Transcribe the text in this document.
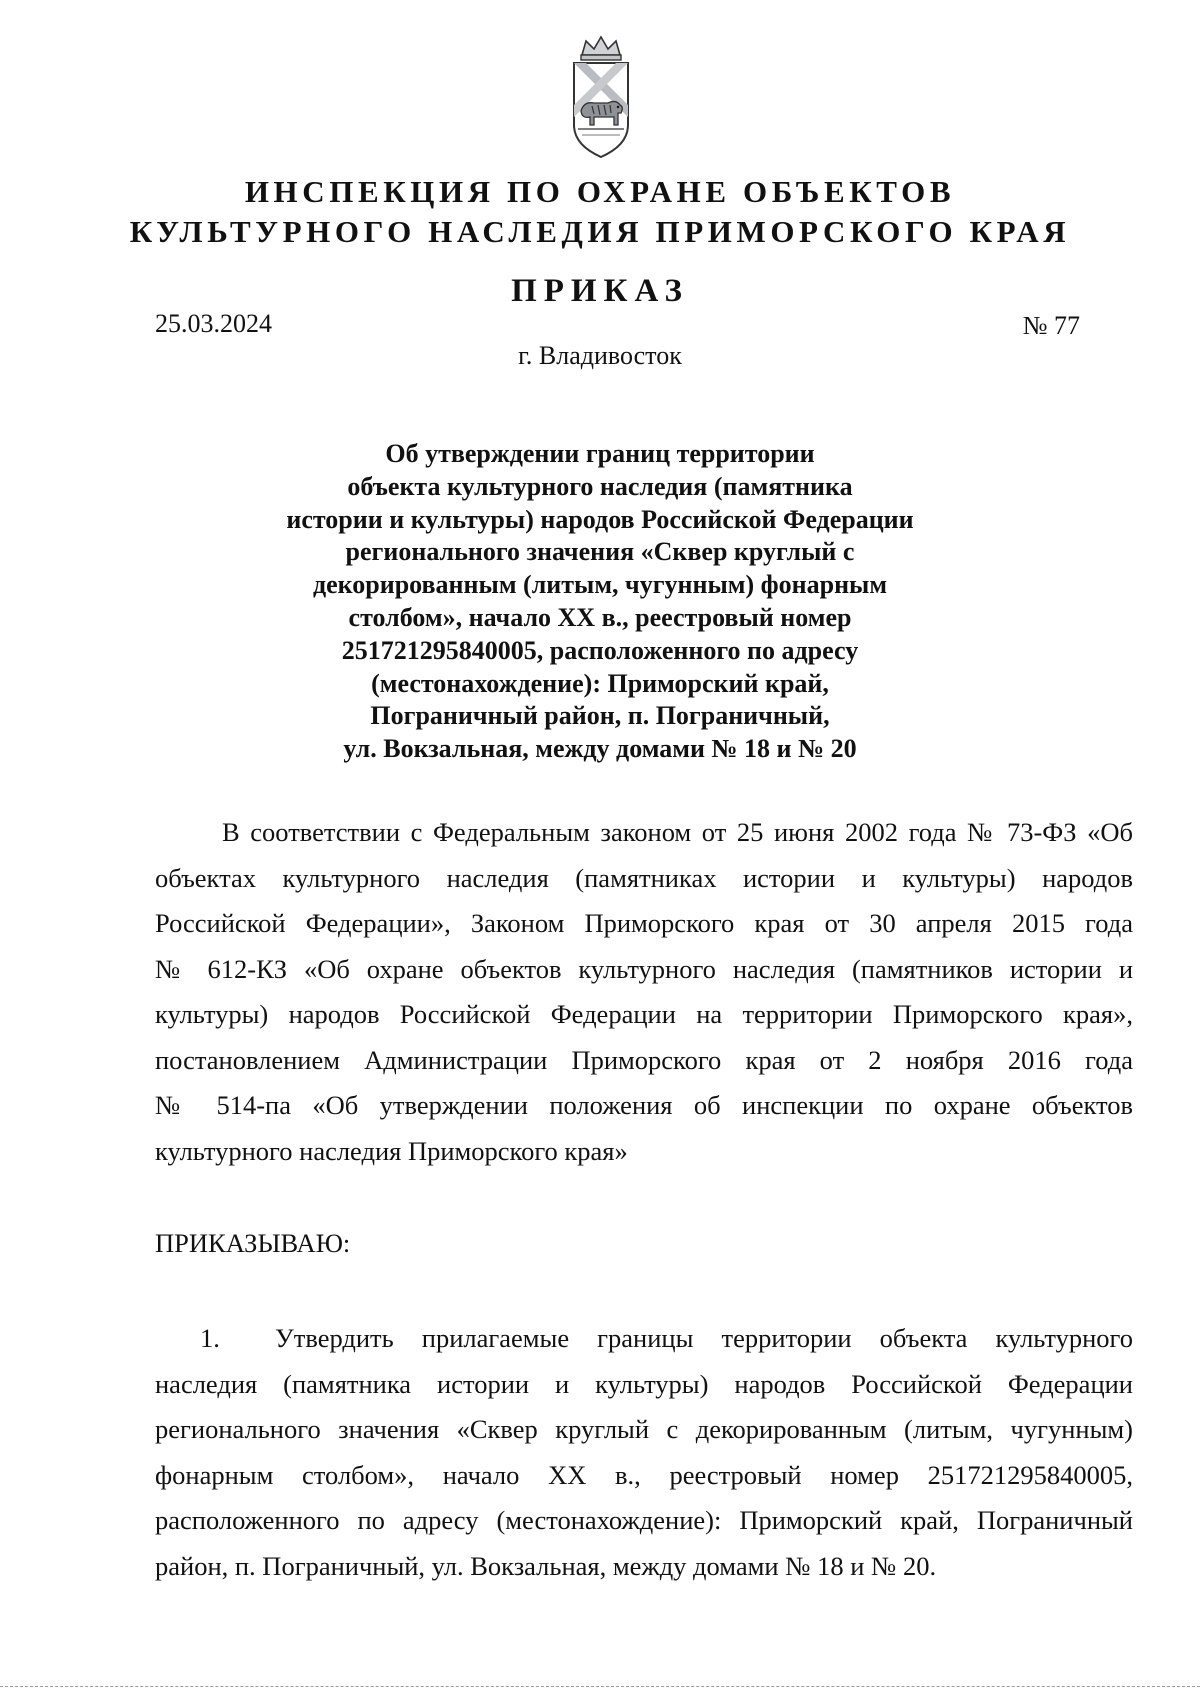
ИНСПЕКЦИЯ ПО ОХРАНЕ ОБЪЕКТОВ
КУЛЬТУРНОГО НАСЛЕДИЯ ПРИМОРСКОГО КРАЯ
ПРИКАЗ
25.03.2024	№ 77
г. Владивосток
Об утверждении границ территории
объекта культурного наследия (памятника
истории и культуры) народов Российской Федерации
регионального значения «Сквер круглый с
декорированным (литым, чугунным) фонарным
столбом», начало XX в., реестровый номер
251721295840005, расположенного по адресу
(местонахождение): Приморский край,
Пограничный район, п. Пограничный,
ул. Вокзальная, между домами № 18 и № 20
В соответствии с Федеральным законом от 25 июня 2002 года № 73-ФЗ «Об
объектах культурного наследия (памятниках истории и культуры) народов
Российской Федерации», Законом Приморского края от 30 апреля 2015 года
№ 612-КЗ «Об охране объектов культурного наследия (памятников истории и
культуры) народов Российской Федерации на территории Приморского края»,
постановлением Администрации Приморского края от 2 ноября 2016 года
№ 514-па «Об утверждении положения об инспекции по охране объектов
культурного наследия Приморского края»
ПРИКАЗЫВАЮ:
1. Утвердить прилагаемые границы территории объекта культурного
наследия (памятника истории и культуры) народов Российской Федерации
регионального значения «Сквер круглый с декорированным (литым, чугунным)
фонарным столбом», начало XX в., реестровый номер 251721295840005,
расположенного по адресу (местонахождение): Приморский край, Пограничный
район, п. Пограничный, ул. Вокзальная, между домами № 18 и № 20.
